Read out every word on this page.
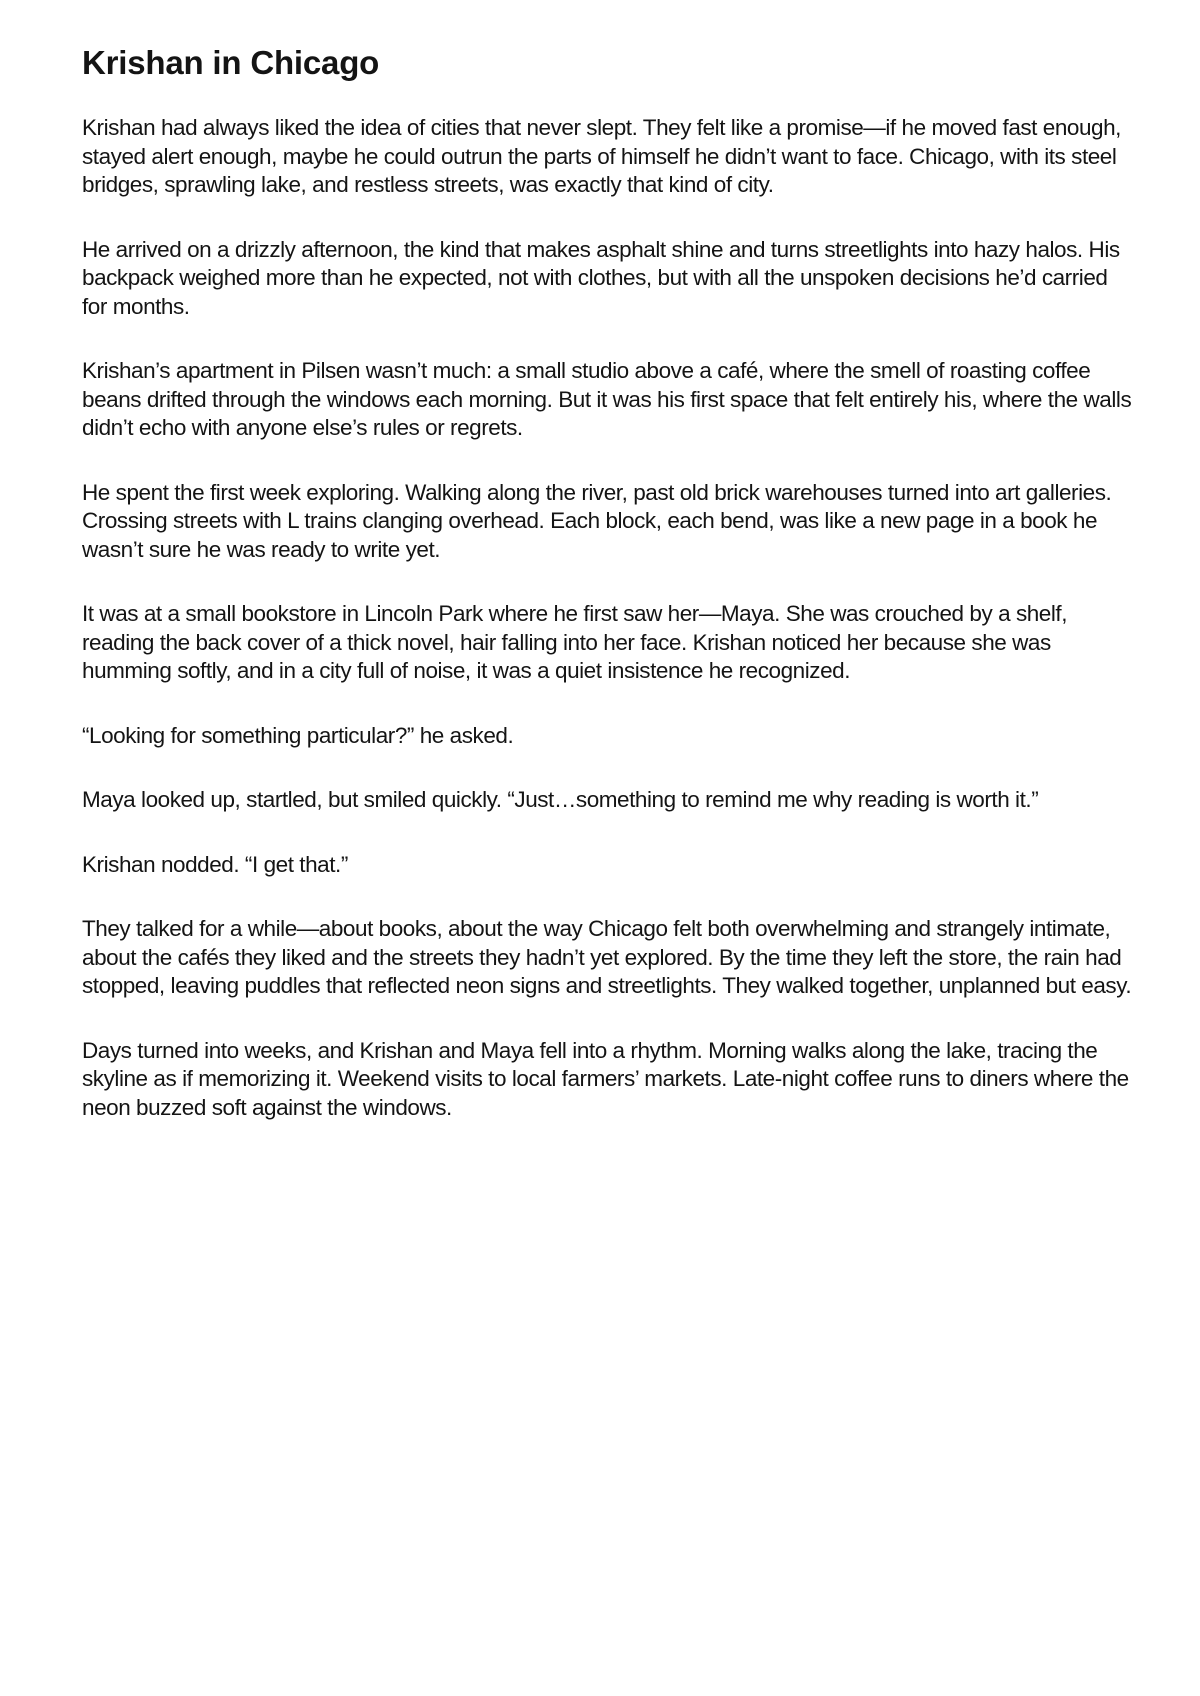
Krishan in Chicago

Krishan had always liked the idea of cities that never slept. They felt like a promise—if he moved fast enough, stayed alert enough, maybe he could outrun the parts of himself he didn’t want to face. Chicago, with its steel bridges, sprawling lake, and restless streets, was exactly that kind of city.

He arrived on a drizzly afternoon, the kind that makes asphalt shine and turns streetlights into hazy halos. His backpack weighed more than he expected, not with clothes, but with all the unspoken decisions he’d carried for months.

Krishan’s apartment in Pilsen wasn’t much: a small studio above a café, where the smell of roasting coffee beans drifted through the windows each morning. But it was his first space that felt entirely his, where the walls didn’t echo with anyone else’s rules or regrets.

He spent the first week exploring. Walking along the river, past old brick warehouses turned into art galleries. Crossing streets with L trains clanging overhead. Each block, each bend, was like a new page in a book he wasn’t sure he was ready to write yet.

It was at a small bookstore in Lincoln Park where he first saw her—Maya. She was crouched by a shelf, reading the back cover of a thick novel, hair falling into her face. Krishan noticed her because she was humming softly, and in a city full of noise, it was a quiet insistence he recognized.

“Looking for something particular?” he asked.

Maya looked up, startled, but smiled quickly. “Just…something to remind me why reading is worth it.”

Krishan nodded. “I get that.”

They talked for a while—about books, about the way Chicago felt both overwhelming and strangely intimate, about the cafés they liked and the streets they hadn’t yet explored. By the time they left the store, the rain had stopped, leaving puddles that reflected neon signs and streetlights. They walked together, unplanned but easy.

Days turned into weeks, and Krishan and Maya fell into a rhythm. Morning walks along the lake, tracing the skyline as if memorizing it. Weekend visits to local farmers’ markets. Late-night coffee runs to diners where the neon buzzed soft against the windows.
